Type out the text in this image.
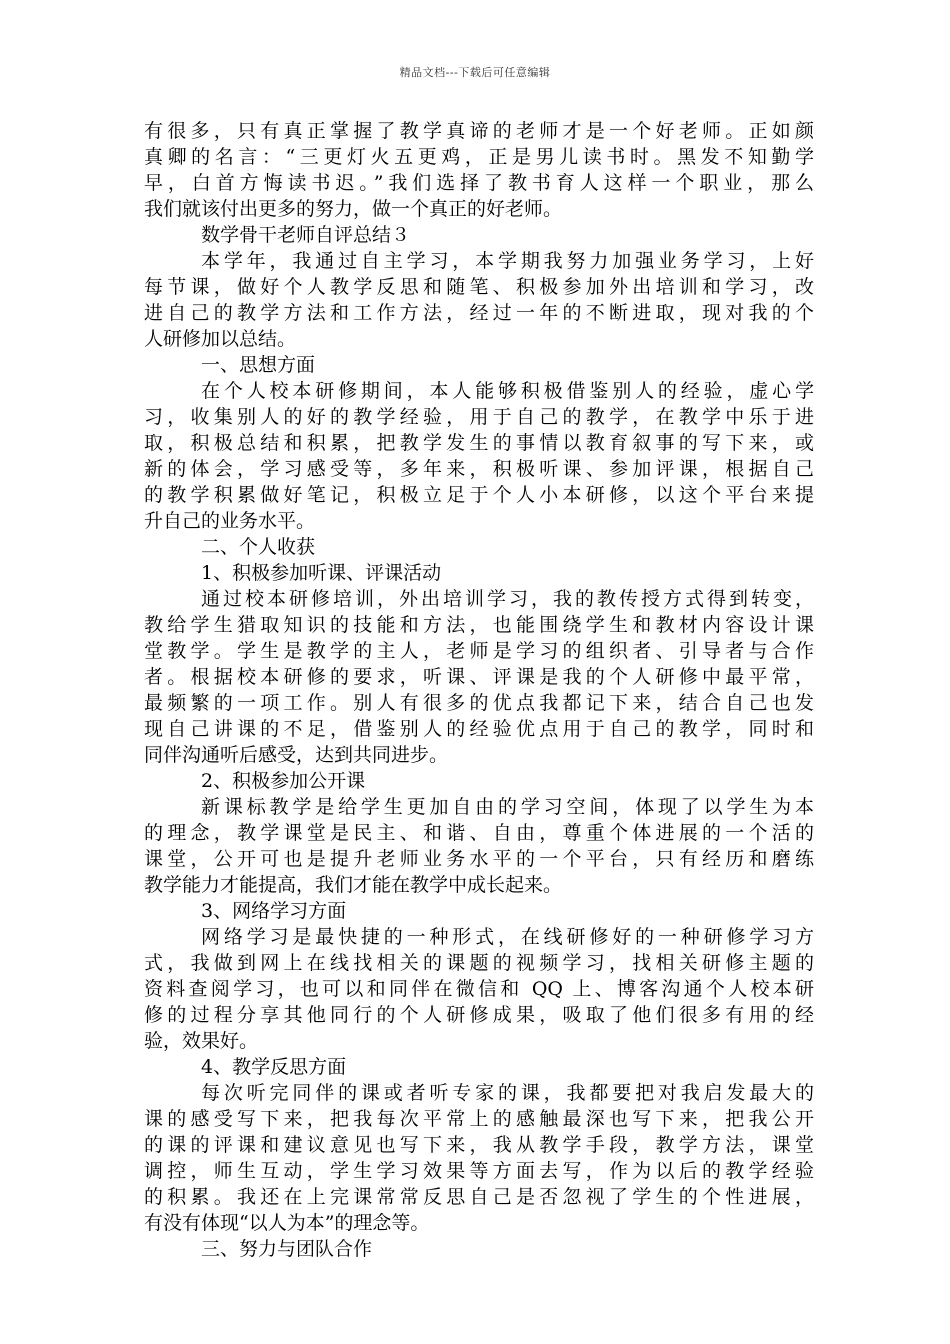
精品文档---下载后可任意编辑
有很多，只有真正掌握了教学真谛的老师才是一个好老师。正如颜
真卿的名言：“三更灯火五更鸡，正是男儿读书时。黑发不知勤学
早，白首方悔读书迟。”我们选择了教书育人这样一个职业，那么
我们就该付出更多的努力，做一个真正的好老师。
数学骨干老师自评总结３
本学年，我通过自主学习，本学期我努力加强业务学习，上好
每节课，做好个人教学反思和随笔、积极参加外出培训和学习，改
进自己的教学方法和工作方法，经过一年的不断进取，现对我的个
人研修加以总结。
一、思想方面
在个人校本研修期间，本人能够积极借鉴别人的经验，虚心学
习，收集别人的好的教学经验，用于自己的教学，在教学中乐于进
取，积极总结和积累，把教学发生的事情以教育叙事的写下来，或
新的体会，学习感受等，多年来，积极听课、参加评课，根据自己
的教学积累做好笔记，积极立足于个人小本研修，以这个平台来提
升自己的业务水平。
二、个人收获
1、积极参加听课、评课活动
通过校本研修培训，外出培训学习，我的教传授方式得到转变，
教给学生猎取知识的技能和方法，也能围绕学生和教材内容设计课
堂教学。学生是教学的主人，老师是学习的组织者、引导者与合作
者。根据校本研修的要求，听课、评课是我的个人研修中最平常，
最频繁的一项工作。别人有很多的优点我都记下来，结合自己也发
现自己讲课的不足，借鉴别人的经验优点用于自己的教学，同时和
同伴沟通听后感受，达到共同进步。
2、积极参加公开课
新课标教学是给学生更加自由的学习空间，体现了以学生为本
的理念，教学课堂是民主、和谐、自由，尊重个体进展的一个活的
课堂，公开可也是提升老师业务水平的一个平台，只有经历和磨练
教学能力才能提高，我们才能在教学中成长起来。
3、网络学习方面
网络学习是最快捷的一种形式，在线研修好的一种研修学习方
式，我做到网上在线找相关的课题的视频学习，找相关研修主题的
资料查阅学习，也可以和同伴在微信和 QQ 上、博客沟通个人校本研
修的过程分享其他同行的个人研修成果，吸取了他们很多有用的经
验，效果好。
4、教学反思方面
每次听完同伴的课或者听专家的课，我都要把对我启发最大的
课的感受写下来，把我每次平常上的感触最深也写下来，把我公开
的课的评课和建议意见也写下来，我从教学手段，教学方法，课堂
调控，师生互动，学生学习效果等方面去写，作为以后的教学经验
的积累。我还在上完课常常反思自己是否忽视了学生的个性进展，
有没有体现“以人为本”的理念等。
三、努力与团队合作
